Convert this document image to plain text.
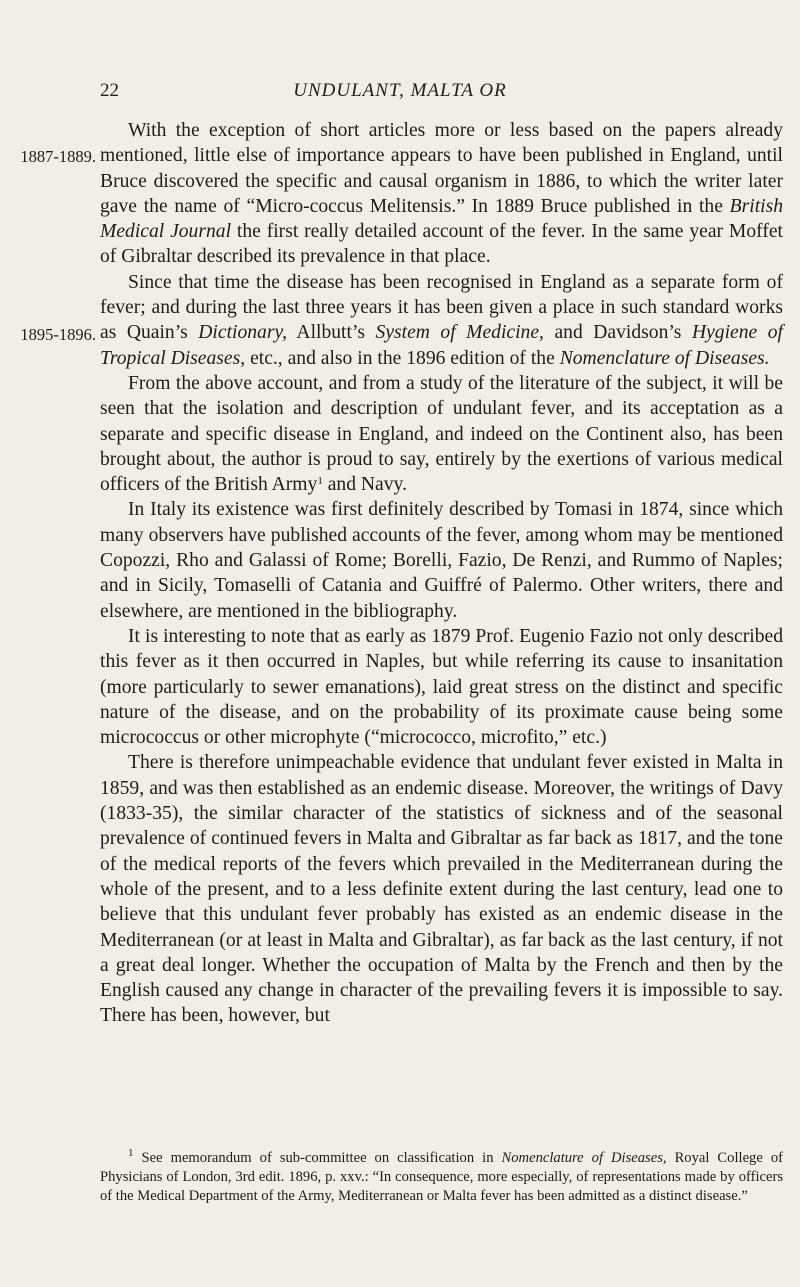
22	UNDULANT, MALTA OR
1887-1889.
1895-1896.

With the exception of short articles more or less based on the papers already mentioned, little else of importance appears to have been published in England, until Bruce discovered the specific and causal organism in 1886, to which the writer later gave the name of “Micro-coccus Melitensis.” In 1889 Bruce published in the British Medical Journal the first really detailed account of the fever. In the same year Moffet of Gibraltar described its prevalence in that place.

Since that time the disease has been recognised in England as a separate form of fever; and during the last three years it has been given a place in such standard works as Quain’s Dictionary, Allbutt’s System of Medicine, and Davidson’s Hygiene of Tropical Diseases, etc., and also in the 1896 edition of the Nomenclature of Diseases.

From the above account, and from a study of the literature of the subject, it will be seen that the isolation and description of undulant fever, and its acceptation as a separate and specific disease in England, and indeed on the Continent also, has been brought about, the author is proud to say, entirely by the exertions of various medical officers of the British Army$^1$ and Navy.

In Italy its existence was first definitely described by Tomasi in 1874, since which many observers have published accounts of the fever, among whom may be mentioned Copozzi, Rho and Galassi of Rome; Borelli, Fazio, De Renzi, and Rummo of Naples; and in Sicily, Tomaselli of Catania and Guiffré of Palermo. Other writers, there and elsewhere, are mentioned in the bibliography.

It is interesting to note that as early as 1879 Prof. Eugenio Fazio not only described this fever as it then occurred in Naples, but while referring its cause to insanitation (more particularly to sewer emanations), laid great stress on the distinct and specific nature of the disease, and on the probability of its proximate cause being some micrococcus or other microphyte (“micrococco, microfito,” etc.)

There is therefore unimpeachable evidence that undulant fever existed in Malta in 1859, and was then established as an endemic disease. Moreover, the writings of Davy (1833-35), the similar character of the statistics of sickness and of the seasonal prevalence of continued fevers in Malta and Gibraltar as far back as 1817, and the tone of the medical reports of the fevers which prevailed in the Mediterranean during the whole of the present, and to a less definite extent during the last century, lead one to believe that this undulant fever probably has existed as an endemic disease in the Mediterranean (or at least in Malta and Gibraltar), as far back as the last century, if not a great deal longer. Whether the occupation of Malta by the French and then by the English caused any change in character of the prevailing fevers it is impossible to say. There has been, however, but

$^1$ See memorandum of sub-committee on classification in Nomenclature of Diseases, Royal College of Physicians of London, 3rd edit. 1896, p. xxv.: “In consequence, more especially, of representations made by officers of the Medical Department of the Army, Mediterranean or Malta fever has been admitted as a distinct disease.”
